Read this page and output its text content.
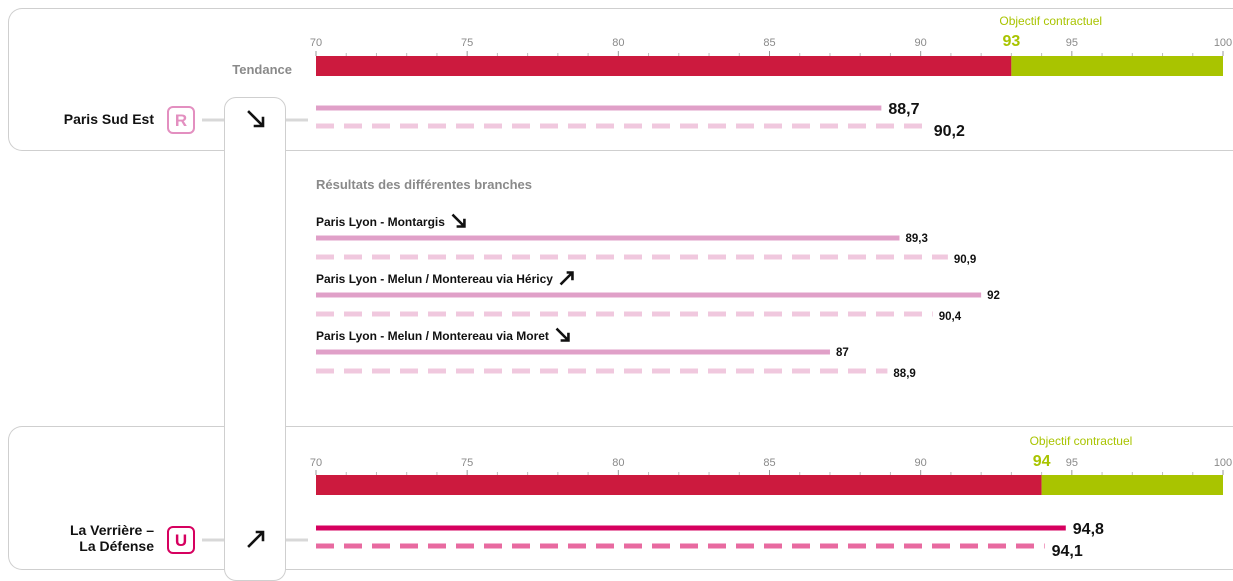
Tendance
Paris Sud Est	R
La Verrière –
La Défense	U
Résultats des différentes branches
70	75	80	85	90	95	100
Objectif contractuel
93
88,7
90,2
Paris Lyon - Montargis
89,3
90,9
Paris Lyon - Melun / Montereau via Héricy
92
90,4
Paris Lyon - Melun / Montereau via Moret
87
88,9
70	75	80	85	90	95	100
Objectif contractuel
94
94,8
94,1
